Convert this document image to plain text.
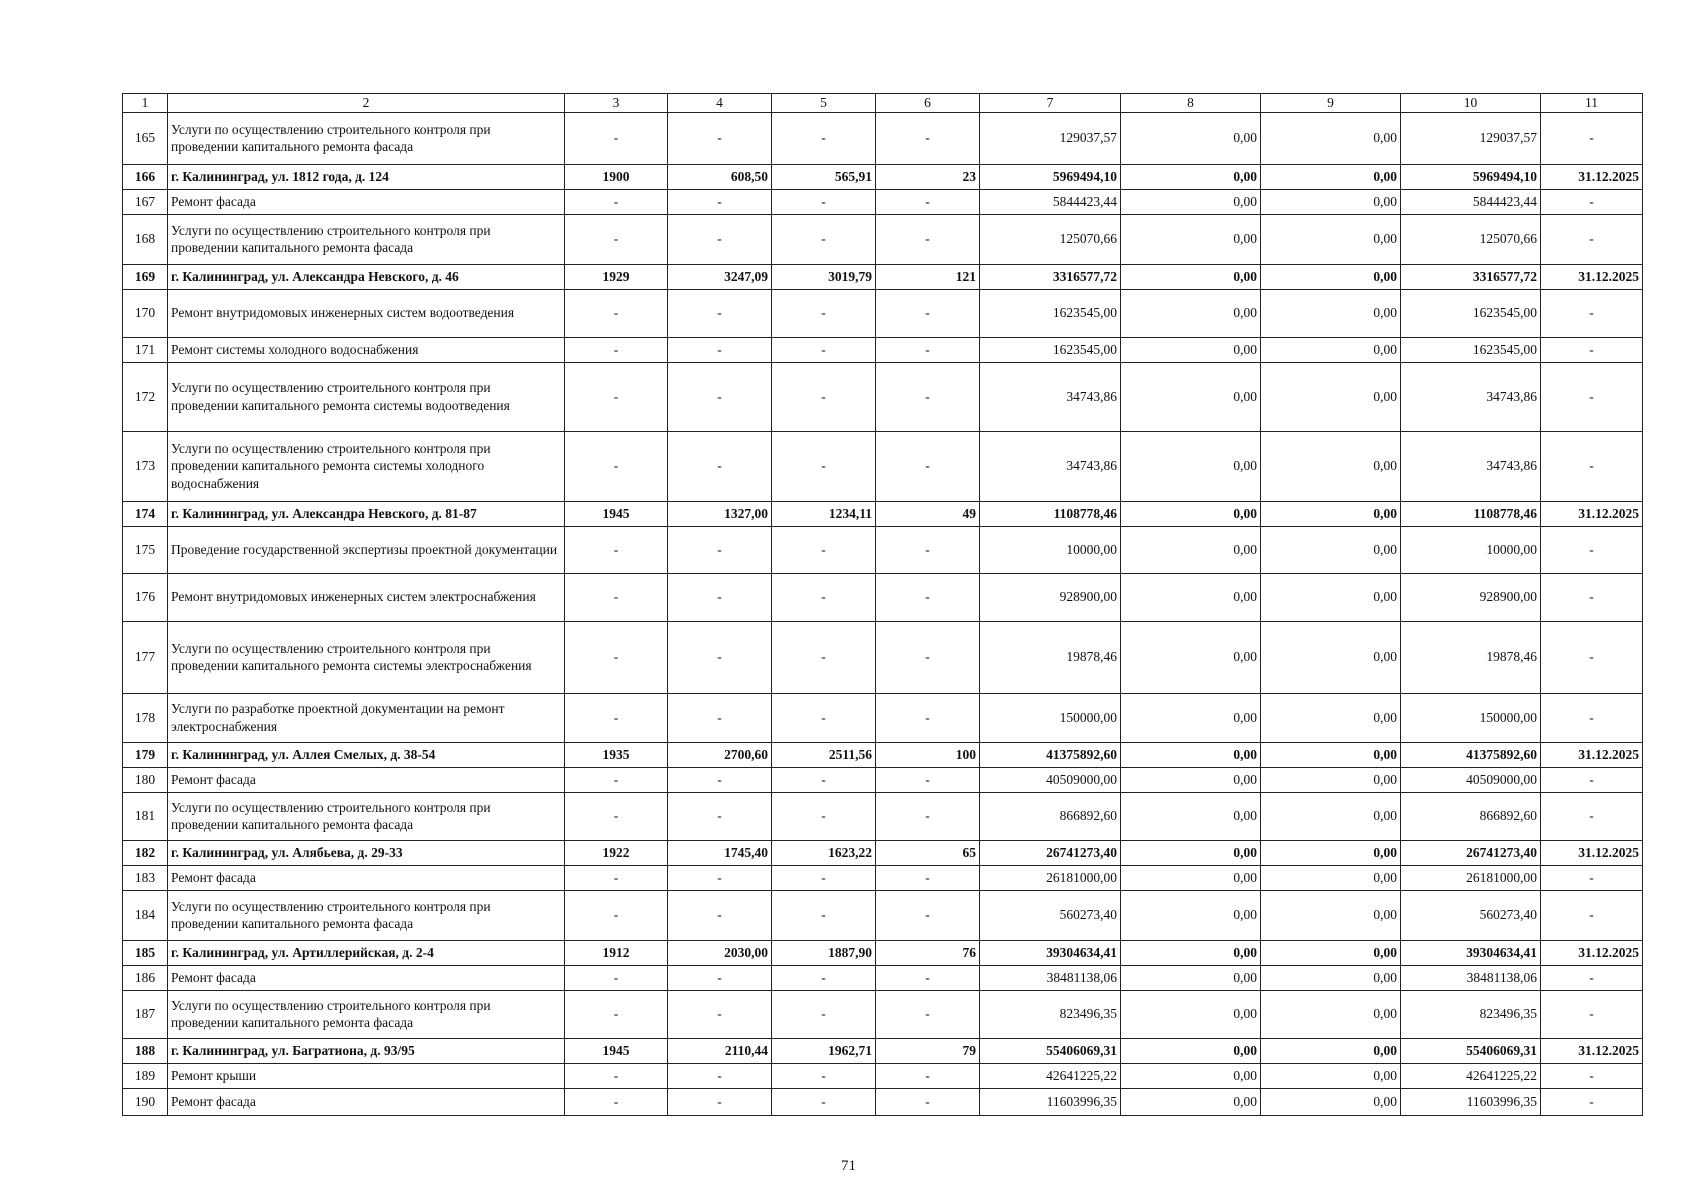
1	2	3	4	5	6	7	8	9	10	11
165	Услуги по осуществлению строительного контроля при проведении капитального ремонта фасада	-	-	-	-	129037,57	0,00	0,00	129037,57	-
166	г. Калининград, ул. 1812 года, д. 124	1900	608,50	565,91	23	5969494,10	0,00	0,00	5969494,10	31.12.2025
167	Ремонт фасада	-	-	-	-	5844423,44	0,00	0,00	5844423,44	-
168	Услуги по осуществлению строительного контроля при проведении капитального ремонта фасада	-	-	-	-	125070,66	0,00	0,00	125070,66	-
169	г. Калининград, ул. Александра Невского, д. 46	1929	3247,09	3019,79	121	3316577,72	0,00	0,00	3316577,72	31.12.2025
170	Ремонт внутридомовых инженерных систем водоотведения	-	-	-	-	1623545,00	0,00	0,00	1623545,00	-
171	Ремонт системы холодного водоснабжения	-	-	-	-	1623545,00	0,00	0,00	1623545,00	-
172	Услуги по осуществлению строительного контроля при проведении капитального ремонта системы водоотведения	-	-	-	-	34743,86	0,00	0,00	34743,86	-
173	Услуги по осуществлению строительного контроля при проведении капитального ремонта системы холодного водоснабжения	-	-	-	-	34743,86	0,00	0,00	34743,86	-
174	г. Калининград, ул. Александра Невского, д. 81-87	1945	1327,00	1234,11	49	1108778,46	0,00	0,00	1108778,46	31.12.2025
175	Проведение государственной экспертизы проектной документации	-	-	-	-	10000,00	0,00	0,00	10000,00	-
176	Ремонт внутридомовых инженерных систем электроснабжения	-	-	-	-	928900,00	0,00	0,00	928900,00	-
177	Услуги по осуществлению строительного контроля при проведении капитального ремонта системы электроснабжения	-	-	-	-	19878,46	0,00	0,00	19878,46	-
178	Услуги по разработке проектной документации на ремонт электроснабжения	-	-	-	-	150000,00	0,00	0,00	150000,00	-
179	г. Калининград, ул. Аллея Смелых, д. 38-54	1935	2700,60	2511,56	100	41375892,60	0,00	0,00	41375892,60	31.12.2025
180	Ремонт фасада	-	-	-	-	40509000,00	0,00	0,00	40509000,00	-
181	Услуги по осуществлению строительного контроля при проведении капитального ремонта фасада	-	-	-	-	866892,60	0,00	0,00	866892,60	-
182	г. Калининград, ул. Алябьева, д. 29-33	1922	1745,40	1623,22	65	26741273,40	0,00	0,00	26741273,40	31.12.2025
183	Ремонт фасада	-	-	-	-	26181000,00	0,00	0,00	26181000,00	-
184	Услуги по осуществлению строительного контроля при проведении капитального ремонта фасада	-	-	-	-	560273,40	0,00	0,00	560273,40	-
185	г. Калининград, ул. Артиллерийская, д. 2-4	1912	2030,00	1887,90	76	39304634,41	0,00	0,00	39304634,41	31.12.2025
186	Ремонт фасада	-	-	-	-	38481138,06	0,00	0,00	38481138,06	-
187	Услуги по осуществлению строительного контроля при проведении капитального ремонта фасада	-	-	-	-	823496,35	0,00	0,00	823496,35	-
188	г. Калининград, ул. Багратиона, д. 93/95	1945	2110,44	1962,71	79	55406069,31	0,00	0,00	55406069,31	31.12.2025
189	Ремонт крыши	-	-	-	-	42641225,22	0,00	0,00	42641225,22	-
190	Ремонт фасада	-	-	-	-	11603996,35	0,00	0,00	11603996,35	-
71
